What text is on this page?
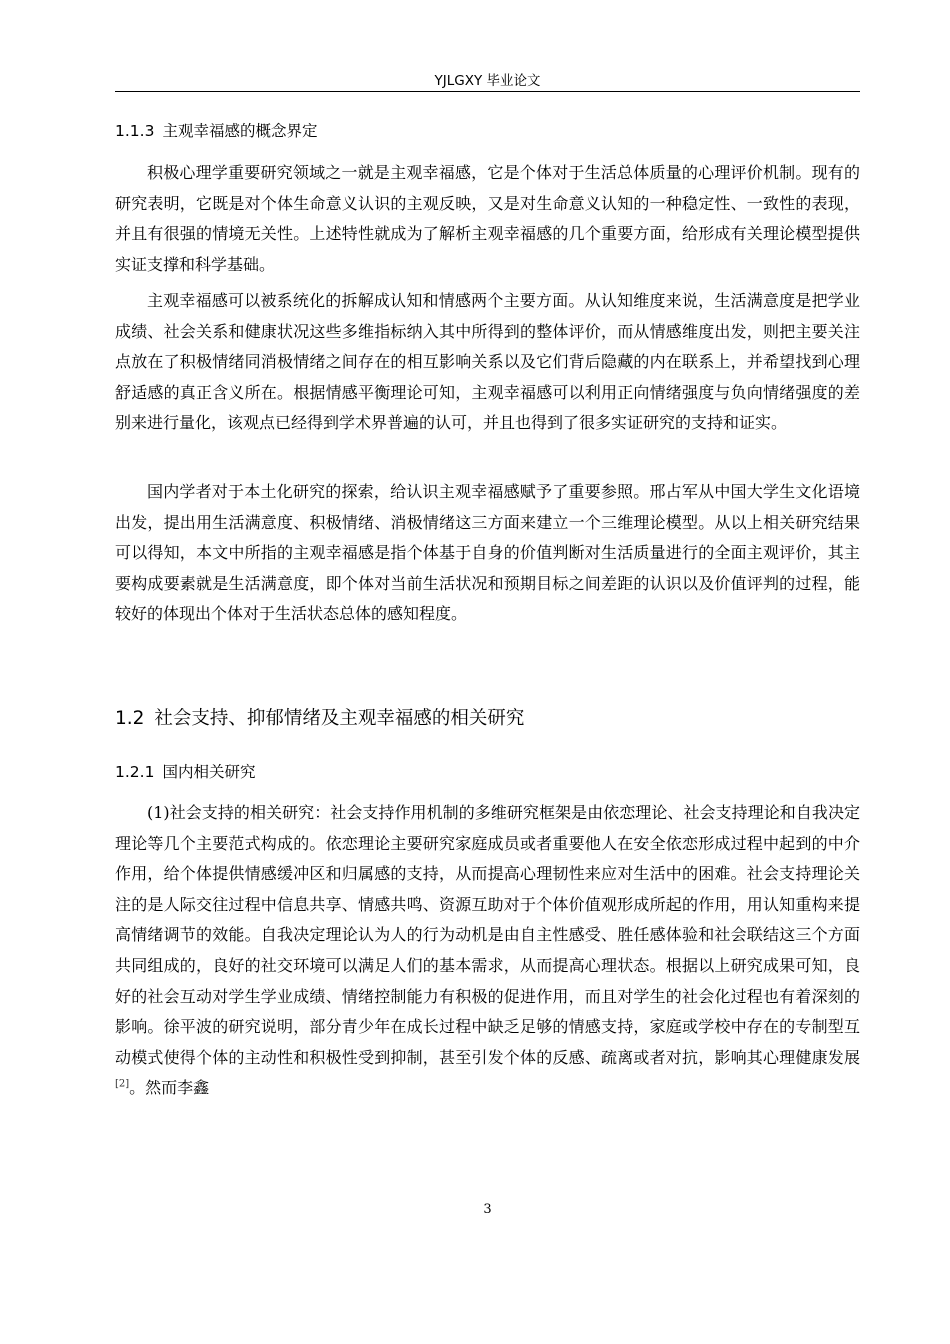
YJLGXY 毕业论文
1.1.3 主观幸福感的概念界定

积极心理学重要研究领域之一就是主观幸福感，它是个体对于生活总体质量的心理评价机制。现有的研究表明，它既是对个体生命意义认识的主观反映，又是对生命意义认知的一种稳定性、一致性的表现，并且有很强的情境无关性。上述特性就成为了解析主观幸福感的几个重要方面，给形成有关理论模型提供实证支撑和科学基础。

主观幸福感可以被系统化的拆解成认知和情感两个主要方面。从认知维度来说，生活满意度是把学业成绩、社会关系和健康状况这些多维指标纳入其中所得到的整体评价，而从情感维度出发，则把主要关注点放在了积极情绪同消极情绪之间存在的相互影响关系以及它们背后隐藏的内在联系上，并希望找到心理舒适感的真正含义所在。根据情感平衡理论可知，主观幸福感可以利用正向情绪强度与负向情绪强度的差别来进行量化，该观点已经得到学术界普遍的认可，并且也得到了很多实证研究的支持和证实。

国内学者对于本土化研究的探索，给认识主观幸福感赋予了重要参照。邢占军从中国大学生文化语境出发，提出用生活满意度、积极情绪、消极情绪这三方面来建立一个三维理论模型。从以上相关研究结果可以得知，本文中所指的主观幸福感是指个体基于自身的价值判断对生活质量进行的全面主观评价，其主要构成要素就是生活满意度，即个体对当前生活状况和预期目标之间差距的认识以及价值评判的过程，能较好的体现出个体对于生活状态总体的感知程度。

1.2 社会支持、抑郁情绪及主观幸福感的相关研究
1.2.1 国内相关研究

(1)社会支持的相关研究：社会支持作用机制的多维研究框架是由依恋理论、社会支持理论和自我决定理论等几个主要范式构成的。依恋理论主要研究家庭成员或者重要他人在安全依恋形成过程中起到的中介作用，给个体提供情感缓冲区和归属感的支持，从而提高心理韧性来应对生活中的困难。社会支持理论关注的是人际交往过程中信息共享、情感共鸣、资源互助对于个体价值观形成所起的作用，用认知重构来提高情绪调节的效能。自我决定理论认为人的行为动机是由自主性感受、胜任感体验和社会联结这三个方面共同组成的，良好的社交环境可以满足人们的基本需求，从而提高心理状态。根据以上研究成果可知，良好的社会互动对学生学业成绩、情绪控制能力有积极的促进作用，而且对学生的社会化过程也有着深刻的影响。徐平波的研究说明，部分青少年在成长过程中缺乏足够的情感支持，家庭或学校中存在的专制型互动模式使得个体的主动性和积极性受到抑制，甚至引发个体的反感、疏离或者对抗，影响其心理健康发展[2]。然而李鑫

3
